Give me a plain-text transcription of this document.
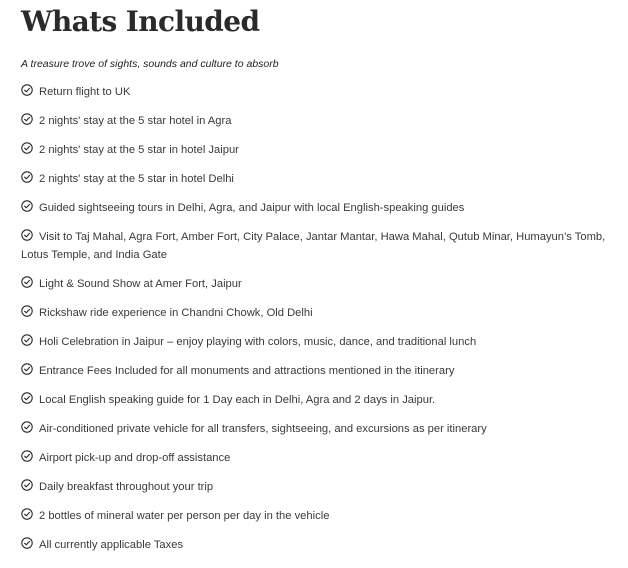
Whats Included
A treasure trove of sights, sounds and culture to absorb
Return flight to UK
2 nights' stay at the 5 star hotel in Agra
2 nights' stay at the 5 star in hotel Jaipur
2 nights' stay at the 5 star in hotel Delhi
Guided sightseeing tours in Delhi, Agra, and Jaipur with local English-speaking guides
Visit to Taj Mahal, Agra Fort, Amber Fort, City Palace, Jantar Mantar, Hawa Mahal, Qutub Minar, Humayun’s Tomb, Lotus Temple, and India Gate
Light & Sound Show at Amer Fort, Jaipur
Rickshaw ride experience in Chandni Chowk, Old Delhi
Holi Celebration in Jaipur – enjoy playing with colors, music, dance, and traditional lunch
Entrance Fees Included for all monuments and attractions mentioned in the itinerary
Local English speaking guide for 1 Day each in Delhi, Agra and 2 days in Jaipur.
Air-conditioned private vehicle for all transfers, sightseeing, and excursions as per itinerary
Airport pick-up and drop-off assistance
Daily breakfast throughout your trip
2 bottles of mineral water per person per day in the vehicle
All currently applicable Taxes
